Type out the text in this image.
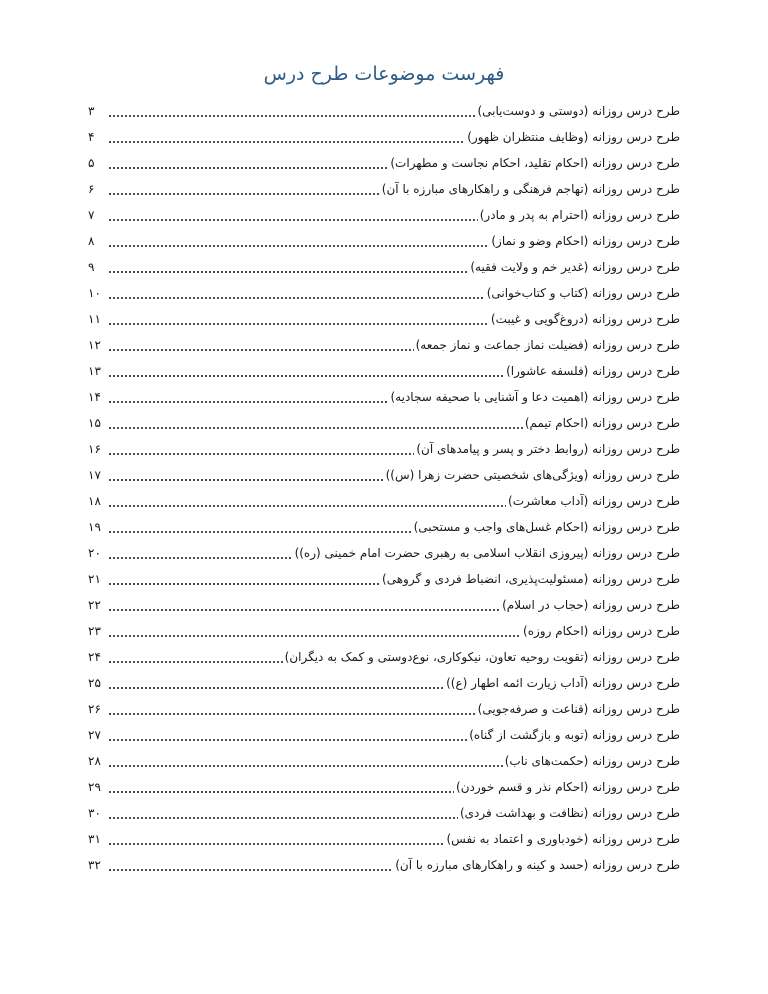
فهرست موضوعات طرح درس
طرح درس روزانه (دوستی و دوست‌یابی)
۳
طرح درس روزانه (وظایف منتظران ظهور)
۴
طرح درس روزانه (احکام تقلید، احکام نجاست و مطهرات)
۵
طرح درس روزانه (تهاجم فرهنگی و راهکارهای مبارزه با آن)
۶
طرح درس روزانه (احترام به پدر و مادر)
۷
طرح درس روزانه (احکام وضو و نماز)
۸
طرح درس روزانه (غدیر خم و ولایت فقیه)
۹
طرح درس روزانه (کتاب و کتاب‌خوانی)
۱۰
طرح درس روزانه (دروغ‌گویی و غیبت)
۱۱
طرح درس روزانه (فضیلت نماز جماعت و نماز جمعه)
۱۲
طرح درس روزانه (فلسفه عاشورا)
۱۳
طرح درس روزانه (اهمیت دعا و آشنایی با صحیفه سجادیه)
۱۴
طرح درس روزانه (احکام تیمم)
۱۵
طرح درس روزانه (روابط دختر و پسر و پیامدهای آن)
۱۶
طرح درس روزانه (ویژگی‌های شخصیتی حضرت زهرا (س))
۱۷
طرح درس روزانه (آداب معاشرت)
۱۸
طرح درس روزانه (احکام غسل‌های واجب و مستحبی)
۱۹
طرح درس روزانه (پیروزی انقلاب اسلامی به رهبری حضرت امام خمینی (ره))
۲۰
طرح درس روزانه (مسئولیت‌پذیری، انضباط فردی و گروهی)
۲۱
طرح درس روزانه (حجاب در اسلام)
۲۲
طرح درس روزانه (احکام روزه)
۲۳
طرح درس روزانه (تقویت روحیه تعاون، نیکوکاری، نوع‌دوستی و کمک به دیگران)
۲۴
طرح درس روزانه (آداب زیارت ائمه اطهار (ع))
۲۵
طرح درس روزانه (قناعت و صرفه‌جویی)
۲۶
طرح درس روزانه (توبه و بازگشت از گناه)
۲۷
طرح درس روزانه (حکمت‌های ناب)
۲۸
طرح درس روزانه (احکام نذر و قسم خوردن)
۲۹
طرح درس روزانه (نظافت و بهداشت فردی)
۳۰
طرح درس روزانه (خودباوری و اعتماد به نفس)
۳۱
طرح درس روزانه (حسد و کینه و راهکارهای مبارزه با آن)
۳۲
